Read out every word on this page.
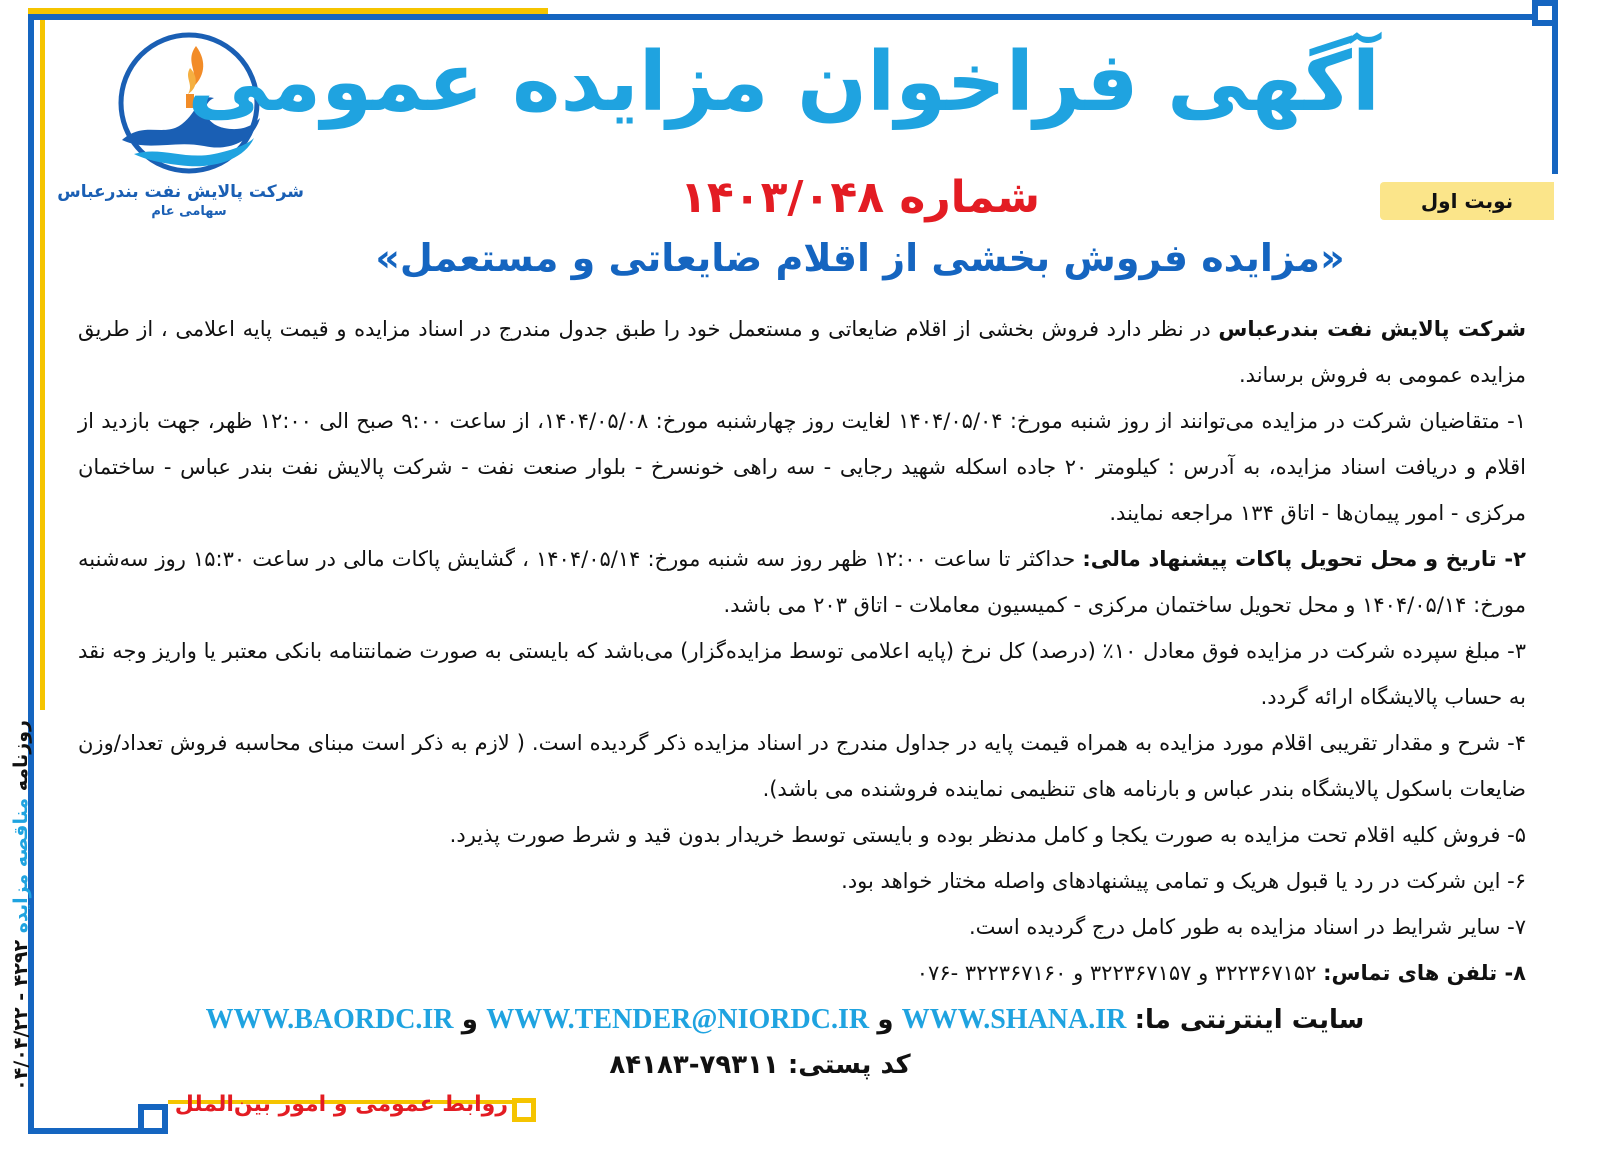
شرکت پالایش نفت بندرعباس
سهامی عام
آگهی فراخوان مزایده عمومی
شماره ۱۴۰۳/۰۴۸
«مزایده فروش بخشی از اقلام ضایعاتی و مستعمل»
نوبت اول

شرکت پالایش نفت بندرعباس در نظر دارد فروش بخشی از اقلام ضایعاتی و مستعمل خود را طبق جدول مندرج در اسناد مزایده و قیمت پایه اعلامی ، از طریق مزایده عمومی به فروش برساند.

۱- متقاضیان شرکت در مزایده می‌توانند از روز شنبه مورخ: ۱۴۰۴/۰۵/۰۴ لغایت روز چهارشنبه مورخ: ۱۴۰۴/۰۵/۰۸، از ساعت ۹:۰۰ صبح الی ۱۲:۰۰ ظهر، جهت بازدید از اقلام و دریافت اسناد مزایده، به آدرس : کیلومتر ۲۰ جاده اسکله شهید رجایی - سه راهی خونسرخ - بلوار صنعت نفت - شرکت پالایش نفت بندر عباس - ساختمان مرکزی - امور پیمان‌ها - اتاق ۱۳۴ مراجعه نمایند.

۲- تاریخ و محل تحویل پاکات پیشنهاد مالی: حداکثر تا ساعت ۱۲:۰۰ ظهر روز سه شنبه مورخ: ۱۴۰۴/۰۵/۱۴ ، گشایش پاکات مالی در ساعت ۱۵:۳۰ روز سه‌شنبه مورخ: ۱۴۰۴/۰۵/۱۴ و محل تحویل ساختمان مرکزی - کمیسیون معاملات - اتاق ۲۰۳ می باشد.

۳- مبلغ سپرده شرکت در مزایده فوق معادل ۱۰٪ (درصد) کل نرخ (پایه اعلامی توسط مزایده‌گزار) می‌باشد که بایستی به صورت ضمانتنامه بانکی معتبر یا واریز وجه نقد به حساب پالایشگاه ارائه گردد.

۴- شرح و مقدار تقریبی اقلام مورد مزایده به همراه قیمت پایه در جداول مندرج در اسناد مزایده ذکر گردیده است. ( لازم به ذکر است مبنای محاسبه فروش تعداد/وزن ضایعات باسکول پالایشگاه بندر عباس و بارنامه های تنظیمی نماینده فروشنده می باشد).

۵- فروش کلیه اقلام تحت مزایده به صورت یکجا و کامل مدنظر بوده و بایستی توسط خریدار بدون قید و شرط صورت پذیرد.

۶- این شرکت در رد یا قبول هریک و تمامی پیشنهادهای واصله مختار خواهد بود.

۷- سایر شرایط در اسناد مزایده به طور کامل درج گردیده است.

۸- تلفن های تماس: ۳۲۲۳۶۷۱۵۲ و ۳۲۲۳۶۷۱۵۷ و ۳۲۲۳۶۷۱۶۰ -۰۷۶

سایت اینترنتی ما: WWW.SHANA.IR و WWW.TENDER@NIORDC.IR و WWW.BAORDC.IR
کد پستی: ۷۹۳۱۱-۸۴۱۸۳
روابط عمومی و امور بین‌الملل
روزنامه مناقصه مزایده ۴۲۹۲ - ۰۴/۰۴/۲۲
